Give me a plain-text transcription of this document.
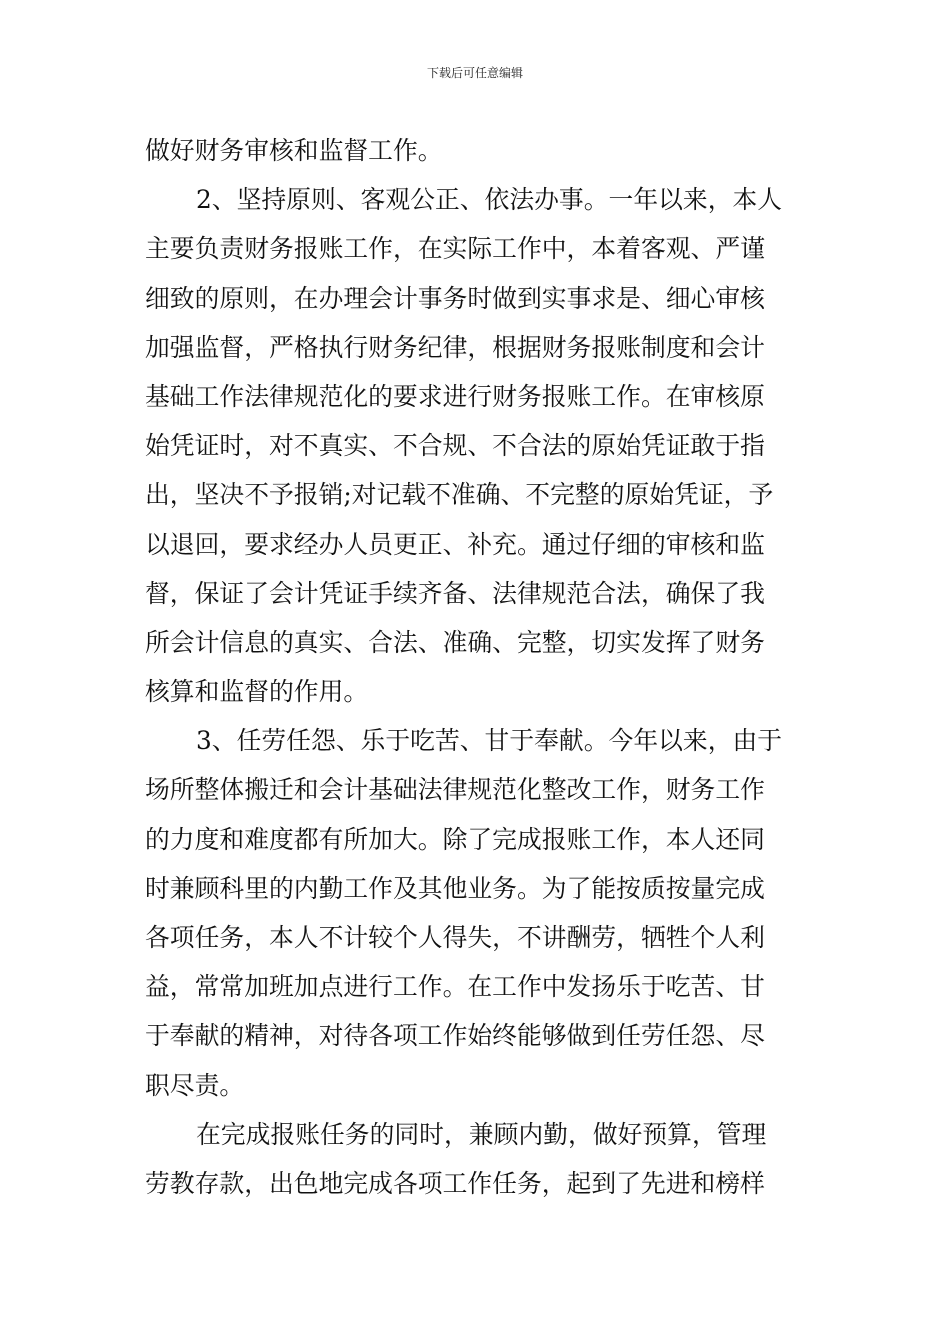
下载后可任意编辑
做好财务审核和监督工作。
2、坚持原则、客观公正、依法办事。一年以来，本人
主要负责财务报账工作，在实际工作中，本着客观、严谨
细致的原则，在办理会计事务时做到实事求是、细心审核
加强监督，严格执行财务纪律，根据财务报账制度和会计
基础工作法律规范化的要求进行财务报账工作。在审核原
始凭证时，对不真实、不合规、不合法的原始凭证敢于指
出，坚决不予报销;对记载不准确、不完整的原始凭证，予
以退回，要求经办人员更正、补充。通过仔细的审核和监
督，保证了会计凭证手续齐备、法律规范合法，确保了我
所会计信息的真实、合法、准确、完整，切实发挥了财务
核算和监督的作用。
3、任劳任怨、乐于吃苦、甘于奉献。今年以来，由于
场所整体搬迁和会计基础法律规范化整改工作，财务工作
的力度和难度都有所加大。除了完成报账工作，本人还同
时兼顾科里的内勤工作及其他业务。为了能按质按量完成
各项任务，本人不计较个人得失，不讲酬劳，牺牲个人利
益，常常加班加点进行工作。在工作中发扬乐于吃苦、甘
于奉献的精神，对待各项工作始终能够做到任劳任怨、尽
职尽责。
在完成报账任务的同时，兼顾内勤，做好预算，管理
劳教存款，出色地完成各项工作任务，起到了先进和榜样
